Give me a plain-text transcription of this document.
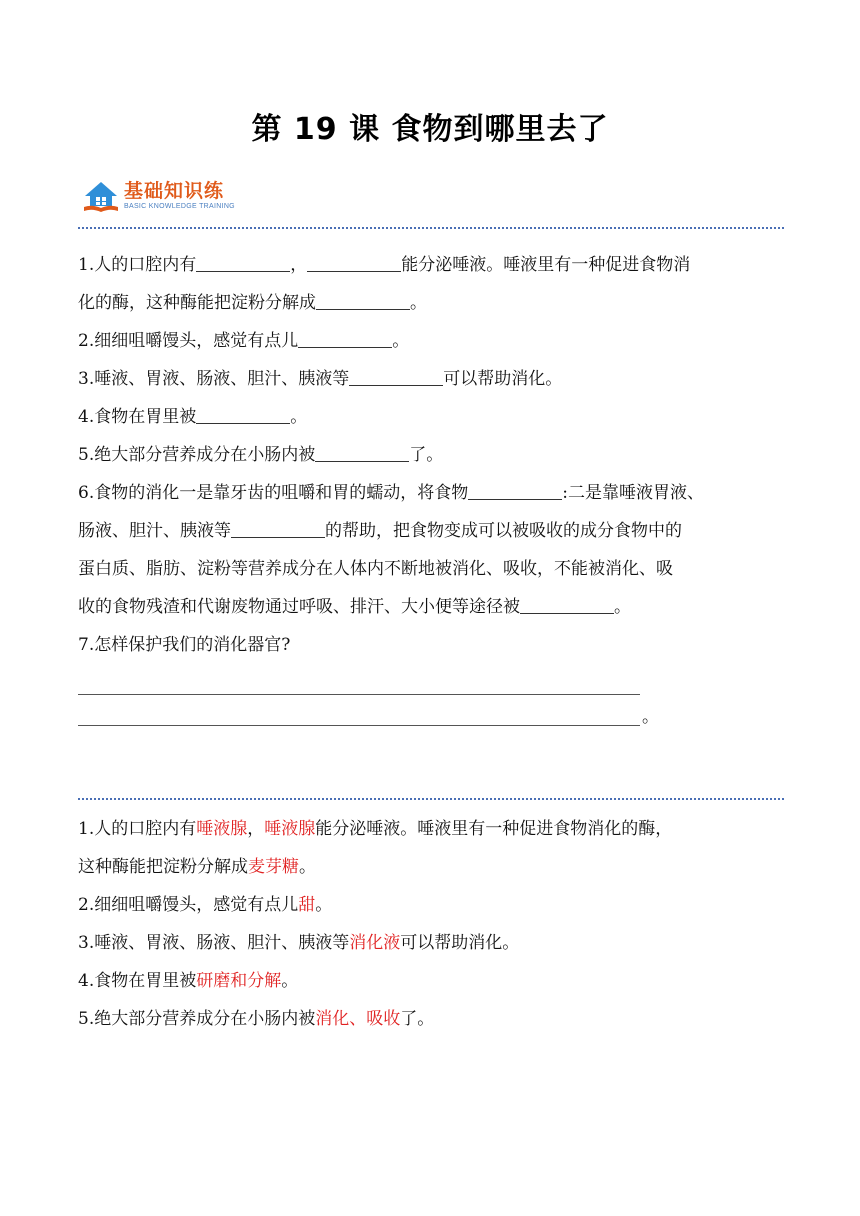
第 19 课 食物到哪里去了
基础知识练
BASIC KNOWLEDGE TRAINING

1.人的口腔内有	，	能分泌唾液。唾液里有一种促进食物消
化的酶，这种酶能把淀粉分解成	。

2.细细咀嚼馒头，感觉有点儿	。

3.唾液、胃液、肠液、胆汁、胰液等	可以帮助消化。

4.食物在胃里被	。

5.绝大部分营养成分在小肠内被	了。

6.食物的消化一是靠牙齿的咀嚼和胃的蠕动，将食物	:二是靠唾液胃液、
肠液、胆汁、胰液等	的帮助，把食物变成可以被吸收的成分食物中的
蛋白质、脂肪、淀粉等营养成分在人体内不断地被消化、吸收，不能被消化、吸
收的食物残渣和代谢废物通过呼吸、排汗、大小便等途径被	。

7.怎样保护我们的消化器官?

。

1.人的口腔内有唾液腺，唾液腺能分泌唾液。唾液里有一种促进食物消化的酶，
这种酶能把淀粉分解成麦芽糖。

2.细细咀嚼馒头，感觉有点儿甜。

3.唾液、胃液、肠液、胆汁、胰液等消化液可以帮助消化。

4.食物在胃里被研磨和分解。

5.绝大部分营养成分在小肠内被消化、吸收了。
